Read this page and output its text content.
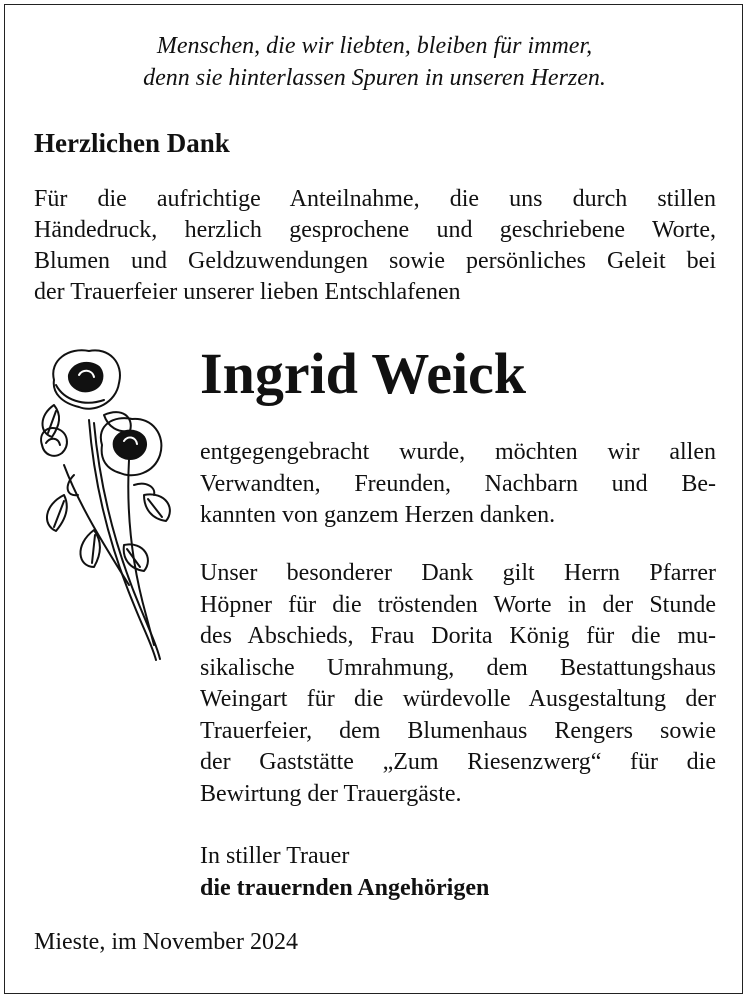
Menschen, die wir liebten, bleiben für immer,
denn sie hinterlassen Spuren in unseren Herzen.
Herzlichen Dank
Für die aufrichtige Anteilnahme, die uns durch stillen
Händedruck, herzlich gesprochene und geschriebene Worte,
Blumen und Geldzuwendungen sowie persönliches Geleit bei
der Trauerfeier unserer lieben Entschlafenen
Ingrid Weick
entgegengebracht wurde, möchten wir allen
Verwandten, Freunden, Nachbarn und Be-
kannten von ganzem Herzen danken.
Unser besonderer Dank gilt Herrn Pfarrer
Höpner für die tröstenden Worte in der Stunde
des Abschieds, Frau Dorita König für die mu-
sikalische Umrahmung, dem Bestattungshaus
Weingart für die würdevolle Ausgestaltung der
Trauerfeier, dem Blumenhaus Rengers sowie
der Gaststätte „Zum Riesenzwerg“ für die
Bewirtung der Trauergäste.
In stiller Trauer
die trauernden Angehörigen
Mieste, im November 2024
